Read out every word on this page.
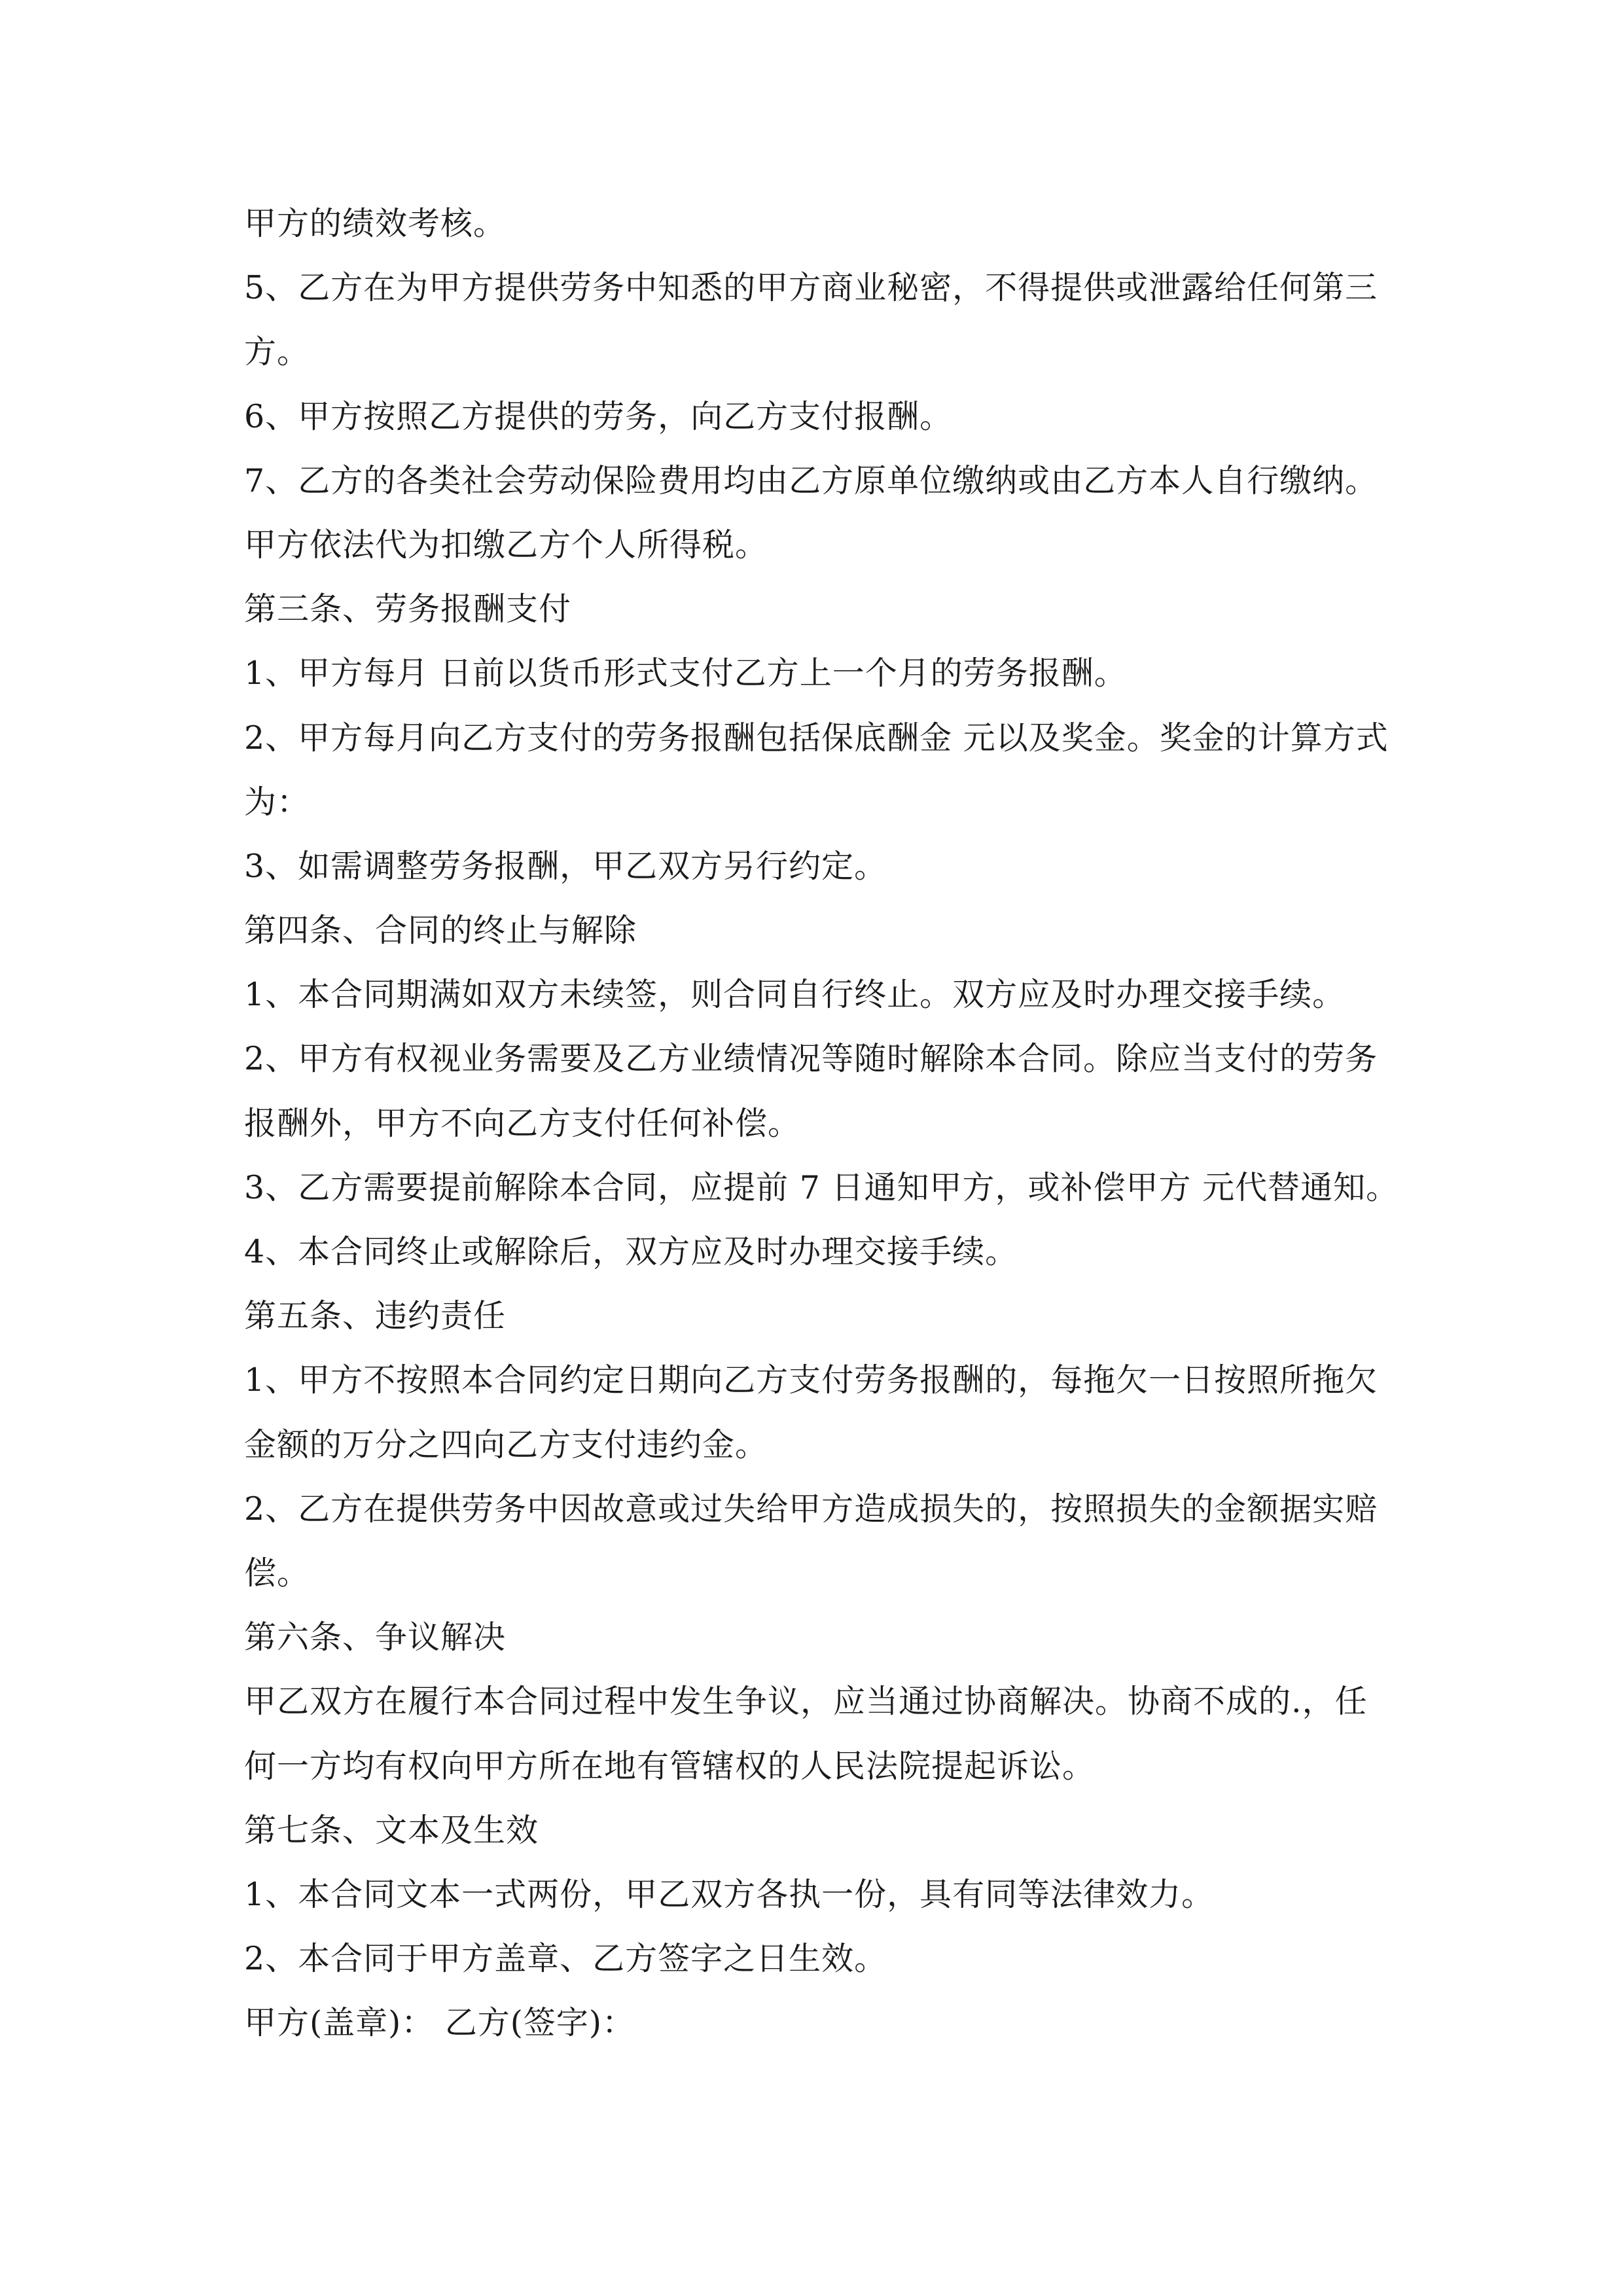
甲方的绩效考核。
5、乙方在为甲方提供劳务中知悉的甲方商业秘密，不得提供或泄露给任何第三
方。
6、甲方按照乙方提供的劳务，向乙方支付报酬。
7、乙方的各类社会劳动保险费用均由乙方原单位缴纳或由乙方本人自行缴纳。
甲方依法代为扣缴乙方个人所得税。
第三条、劳务报酬支付
1、甲方每月 日前以货币形式支付乙方上一个月的劳务报酬。
2、甲方每月向乙方支付的劳务报酬包括保底酬金 元以及奖金。奖金的计算方式
为：
3、如需调整劳务报酬，甲乙双方另行约定。
第四条、合同的终止与解除
1、本合同期满如双方未续签，则合同自行终止。双方应及时办理交接手续。
2、甲方有权视业务需要及乙方业绩情况等随时解除本合同。除应当支付的劳务
报酬外，甲方不向乙方支付任何补偿。
3、乙方需要提前解除本合同，应提前 7 日通知甲方，或补偿甲方 元代替通知。
4、本合同终止或解除后，双方应及时办理交接手续。
第五条、违约责任
1、甲方不按照本合同约定日期向乙方支付劳务报酬的，每拖欠一日按照所拖欠
金额的万分之四向乙方支付违约金。
2、乙方在提供劳务中因故意或过失给甲方造成损失的，按照损失的金额据实赔
偿。
第六条、争议解决
甲乙双方在履行本合同过程中发生争议，应当通过协商解决。协商不成的.，任
何一方均有权向甲方所在地有管辖权的人民法院提起诉讼。
第七条、文本及生效
1、本合同文本一式两份，甲乙双方各执一份，具有同等法律效力。
2、本合同于甲方盖章、乙方签字之日生效。
甲方(盖章)： 乙方(签字)：
